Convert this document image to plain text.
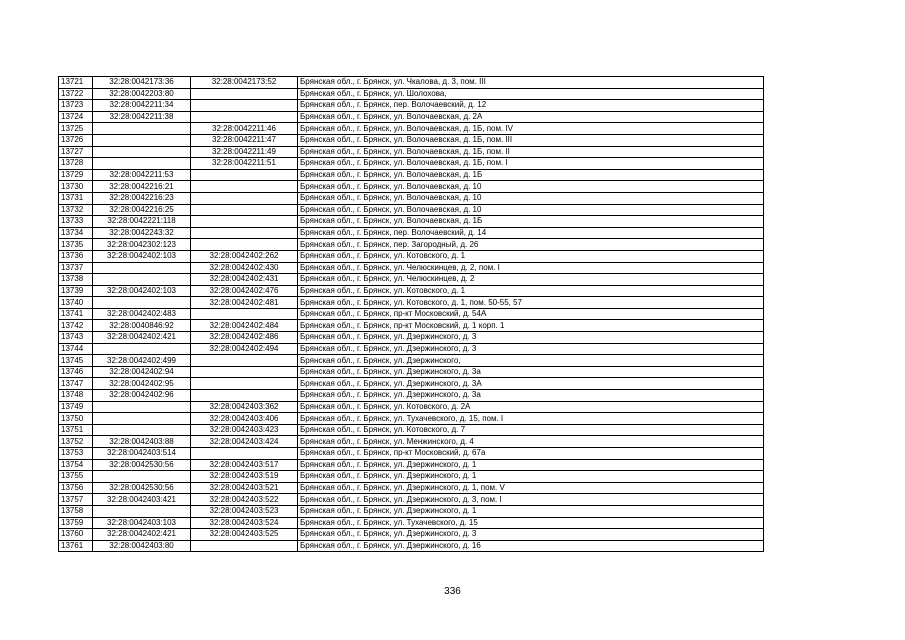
13721	32:28:0042173:36	32:28:0042173:52	Брянская обл., г. Брянск, ул. Чкалова, д. 3, пом. III
13722	32:28:0042203:80		Брянская обл., г. Брянск, ул. Шолохова,
13723	32:28:0042211:34		Брянская обл., г. Брянск, пер. Волочаевский, д. 12
13724	32:28:0042211:38		Брянская обл., г. Брянск, ул. Волочаевская, д. 2А
13725		32:28:0042211:46	Брянская обл., г. Брянск, ул. Волочаевская, д. 1Б, пом. IV
13726		32:28:0042211:47	Брянская обл., г. Брянск, ул. Волочаевская, д. 1Б, пом. III
13727		32:28:0042211:49	Брянская обл., г. Брянск, ул. Волочаевская, д. 1Б, пом. II
13728		32:28:0042211:51	Брянская обл., г. Брянск, ул. Волочаевская, д. 1Б, пом. I
13729	32:28:0042211:53		Брянская обл., г. Брянск, ул. Волочаевская, д. 1Б
13730	32:28:0042216:21		Брянская обл., г. Брянск, ул. Волочаевская, д. 10
13731	32:28:0042216:23		Брянская обл., г. Брянск, ул. Волочаевская, д. 10
13732	32:28:0042216:25		Брянская обл., г. Брянск, ул. Волочаевская, д. 10
13733	32:28:0042221:118		Брянская обл., г. Брянск, ул. Волочаевская, д. 1Б
13734	32:28:0042243:32		Брянская обл., г. Брянск, пер. Волочаевский, д. 14
13735	32:28:0042302:123		Брянская обл., г. Брянск, пер. Загородный, д. 26
13736	32:28:0042402:103	32:28:0042402:262	Брянская обл., г. Брянск, ул. Котовского, д. 1
13737		32:28:0042402:430	Брянская обл., г. Брянск, ул. Челюскинцев, д. 2, пом. I
13738		32:28:0042402:431	Брянская обл., г. Брянск, ул. Челюскинцев, д. 2
13739	32:28:0042402:103	32:28:0042402:476	Брянская обл., г. Брянск, ул. Котовского, д. 1
13740		32:28:0042402:481	Брянская обл., г. Брянск, ул. Котовского, д. 1, пом. 50-55, 57
13741	32:28:0042402:483		Брянская обл., г. Брянск, пр-кт Московский, д. 54А
13742	32:28:0040846:92	32:28:0042402:484	Брянская обл., г. Брянск, пр-кт Московский, д. 1 корп. 1
13743	32:28:0042402:421	32:28:0042402:486	Брянская обл., г. Брянск, ул. Дзержинского, д. 3
13744		32:28:0042402:494	Брянская обл., г. Брянск, ул. Дзержинского, д. 3
13745	32:28:0042402:499		Брянская обл., г. Брянск, ул. Дзержинского,
13746	32:28:0042402:94		Брянская обл., г. Брянск, ул. Дзержинского, д. 3а
13747	32:28:0042402:95		Брянская обл., г. Брянск, ул. Дзержинского, д. 3А
13748	32:28:0042402:96		Брянская обл., г. Брянск, ул. Дзержинского, д. 3а
13749		32:28:0042403:362	Брянская обл., г. Брянск, ул. Котовского, д. 2А
13750		32:28:0042403:406	Брянская обл., г. Брянск, ул. Тухачевского, д. 15, пом. I
13751		32:28:0042403:423	Брянская обл., г. Брянск, ул. Котовского, д. 7
13752	32:28:0042403:88	32:28:0042403:424	Брянская обл., г. Брянск, ул. Менжинского, д. 4
13753	32:28:0042403:514		Брянская обл., г. Брянск, пр-кт Московский, д. 67а
13754	32:28:0042530:56	32:28:0042403:517	Брянская обл., г. Брянск, ул. Дзержинского, д. 1
13755		32:28:0042403:519	Брянская обл., г. Брянск, ул. Дзержинского, д. 1
13756	32:28:0042530:56	32:28:0042403:521	Брянская обл., г. Брянск, ул. Дзержинского, д. 1, пом. V
13757	32:28:0042403:421	32:28:0042403:522	Брянская обл., г. Брянск, ул. Дзержинского, д. 3, пом. I
13758		32:28:0042403:523	Брянская обл., г. Брянск, ул. Дзержинского, д. 1
13759	32:28:0042403:103	32:28:0042403:524	Брянская обл., г. Брянск, ул. Тухачевского, д. 15
13760	32:28:0042402:421	32:28:0042403:525	Брянская обл., г. Брянск, ул. Дзержинского, д. 3
13761	32:28:0042403:80		Брянская обл., г. Брянск, ул. Дзержинского, д. 16
336
